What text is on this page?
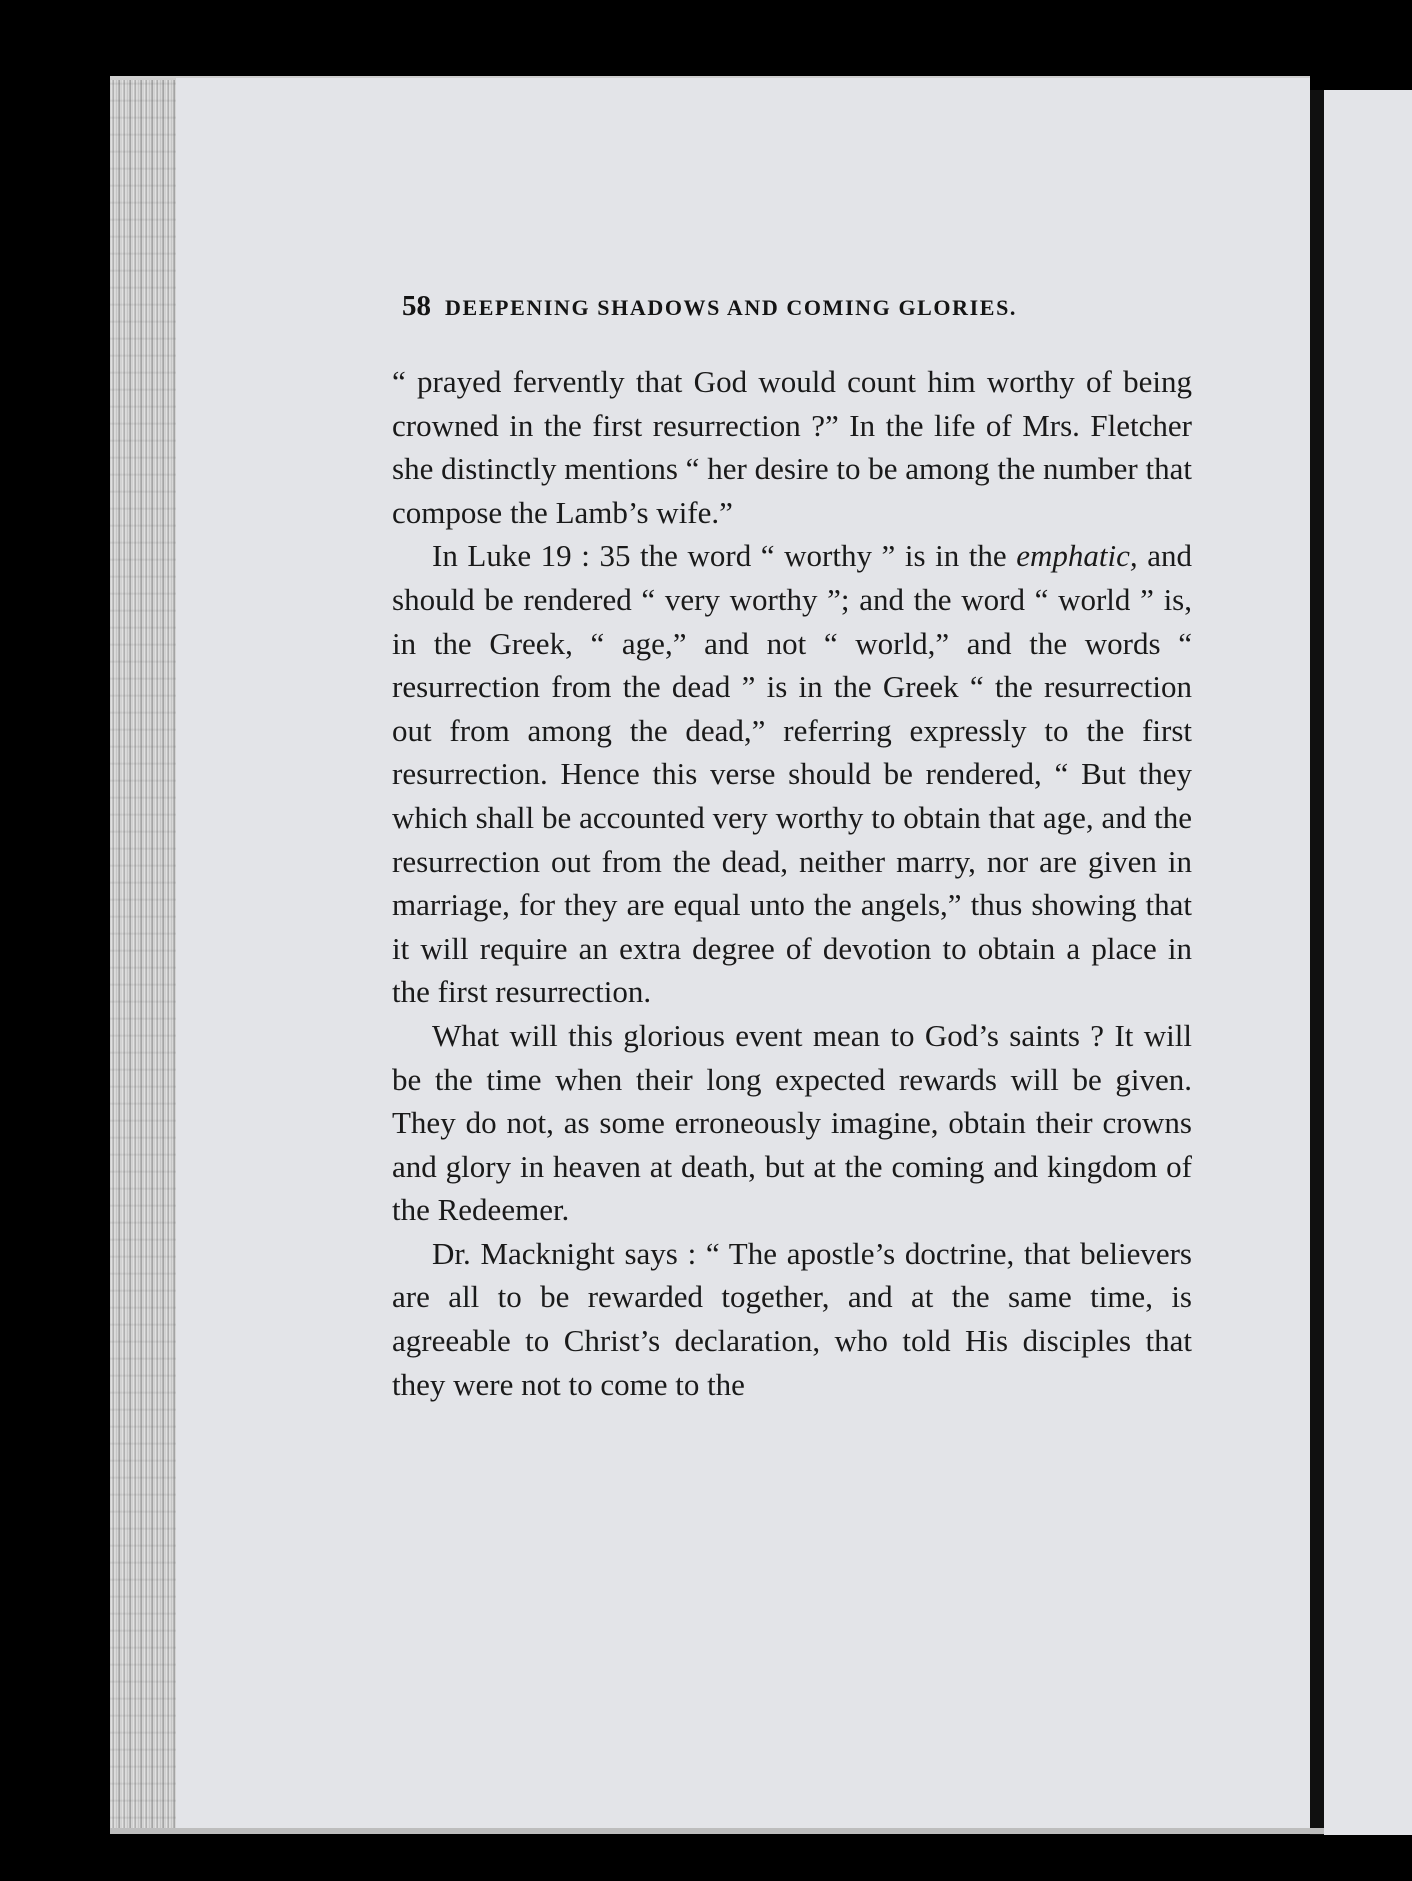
58 DEEPENING SHADOWS AND COMING GLORIES.

“ prayed fervently that God would count him worthy of being crowned in the first resurrection ?” In the life of Mrs. Fletcher she distinctly mentions “ her desire to be among the number that compose the Lamb’s wife.”

In Luke 19 : 35 the word “ worthy ” is in the emphatic, and should be rendered “ very worthy ”; and the word “ world ” is, in the Greek, “ age,” and not “ world,” and the words “ resurrection from the dead ” is in the Greek “ the resurrection out from among the dead,” referring expressly to the first resurrection. Hence this verse should be rendered, “ But they which shall be accounted very worthy to obtain that age, and the resurrection out from the dead, neither marry, nor are given in marriage, for they are equal unto the angels,” thus showing that it will require an extra degree of devotion to obtain a place in the first resurrection.

What will this glorious event mean to God’s saints ? It will be the time when their long expected rewards will be given. They do not, as some erroneously imagine, obtain their crowns and glory in heaven at death, but at the coming and kingdom of the Redeemer.

Dr. Macknight says : “ The apostle’s doctrine, that believers are all to be rewarded together, and at the same time, is agreeable to Christ’s declaration, who told His disciples that they were not to come to the
